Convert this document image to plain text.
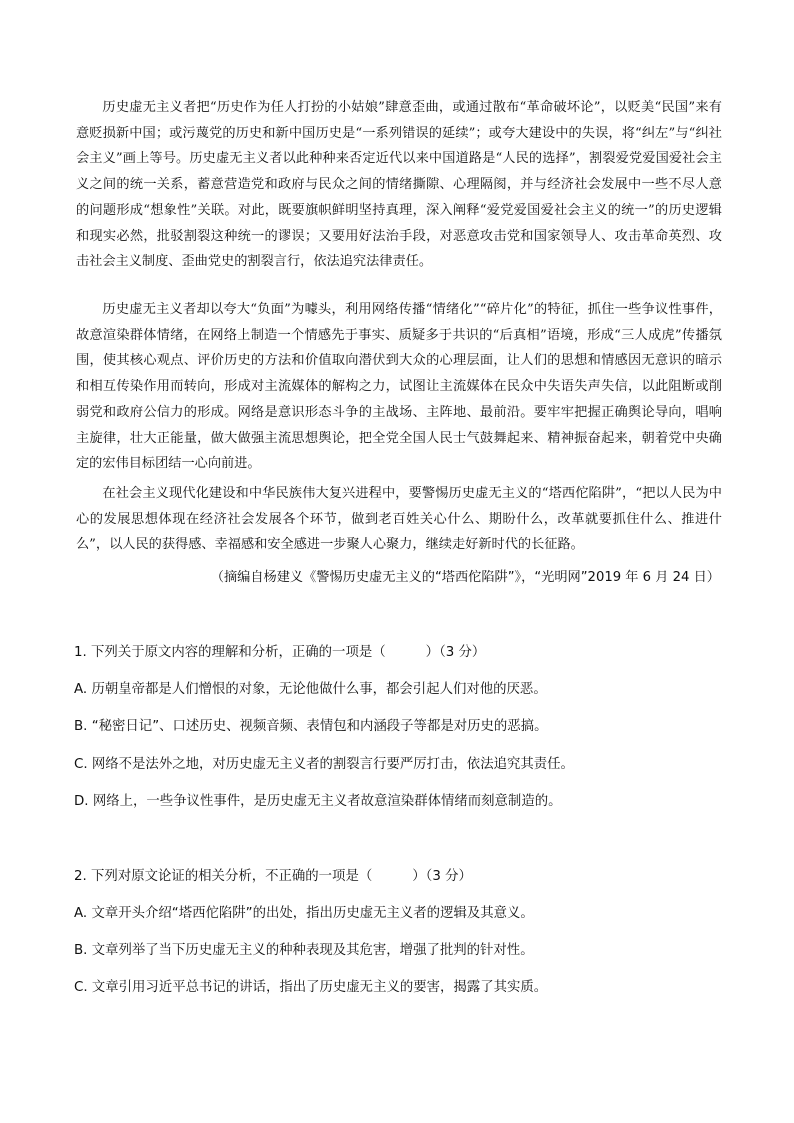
历史虚无主义者把“历史作为任人打扮的小姑娘”肆意歪曲，或通过散布“革命破坏论”，以贬美“民国”来有意贬损新中国；或污蔑党的历史和新中国历史是“一系列错误的延续”；或夸大建设中的失误，将“纠左”与“纠社会主义”画上等号。历史虚无主义者以此种种来否定近代以来中国道路是“人民的选择”，割裂爱党爱国爱社会主义之间的统一关系，蓄意营造党和政府与民众之间的情绪撕隙、心理隔阂，并与经济社会发展中一些不尽人意的问题形成“想象性”关联。对此，既要旗帜鲜明坚持真理，深入阐释“爱党爱国爱社会主义的统一”的历史逻辑和现实必然，批驳割裂这种统一的谬误；又要用好法治手段，对恶意攻击党和国家领导人、攻击革命英烈、攻击社会主义制度、歪曲党史的割裂言行，依法追究法律责任。

历史虚无主义者却以夸大“负面”为噱头，利用网络传播“情绪化”“碎片化”的特征，抓住一些争议性事件，故意渲染群体情绪，在网络上制造一个情感先于事实、质疑多于共识的“后真相”语境，形成“三人成虎”传播氛围，使其核心观点、评价历史的方法和价值取向潜伏到大众的心理层面，让人们的思想和情感因无意识的暗示和相互传染作用而转向，形成对主流媒体的解构之力，试图让主流媒体在民众中失语失声失信，以此阻断或削弱党和政府公信力的形成。网络是意识形态斗争的主战场、主阵地、最前沿。要牢牢把握正确舆论导向，唱响主旋律，壮大正能量，做大做强主流思想舆论，把全党全国人民士气鼓舞起来、精神振奋起来，朝着党中央确定的宏伟目标团结一心向前进。

在社会主义现代化建设和中华民族伟大复兴进程中，要警惕历史虚无主义的“塔西佗陷阱”，“把以人民为中心的发展思想体现在经济社会发展各个环节，做到老百姓关心什么、期盼什么，改革就要抓住什么、推进什么”，以人民的获得感、幸福感和安全感进一步聚人心聚力，继续走好新时代的长征路。

（摘编自杨建义《警惕历史虚无主义的“塔西佗陷阱”》，“光明网”2019 年 6 月 24 日）

1. 下列关于原文内容的理解和分析，正确的一项是（	）（3 分）

A. 历朝皇帝都是人们憎恨的对象，无论他做什么事，都会引起人们对他的厌恶。

B. “秘密日记”、口述历史、视频音频、表情包和内涵段子等都是对历史的恶搞。

C. 网络不是法外之地，对历史虚无主义者的割裂言行要严厉打击，依法追究其责任。

D. 网络上，一些争议性事件，是历史虚无主义者故意渲染群体情绪而刻意制造的。

2. 下列对原文论证的相关分析，不正确的一项是（	）（3 分）

A. 文章开头介绍“塔西佗陷阱”的出处，指出历史虚无主义者的逻辑及其意义。

B. 文章列举了当下历史虚无主义的种种表现及其危害，增强了批判的针对性。

C. 文章引用习近平总书记的讲话，指出了历史虚无主义的要害，揭露了其实质。
